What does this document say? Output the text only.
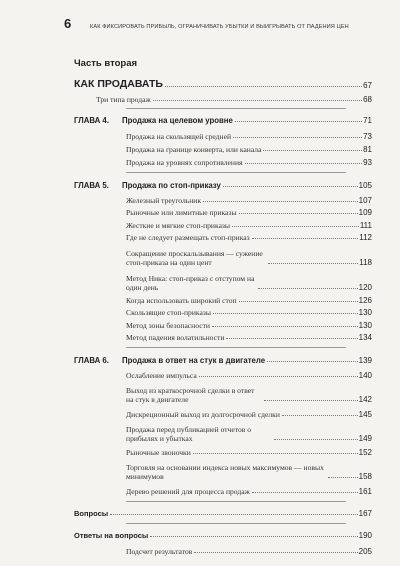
6	КАК ФИКСИРОВАТЬ ПРИБЫЛЬ, ОГРАНИЧИВАТЬ УБЫТКИ И ВЫИГРЫВАТЬ ОТ ПАДЕНИЯ ЦЕН
Часть вторая
КАК ПРОДАВАТЬ	67
Три типа продаж	68
ГЛАВА 4.	Продажа на целевом уровне	71
Продажа на скользящей средней	73
Продажа на границе конверта, или канала	81
Продажа на уровнях сопротивления	93
ГЛАВА 5.	Продажа по стоп-приказу	105
Железный треугольник	107
Рыночные или лимитные приказы	109
Жесткие и мягкие стоп-приказы	111
Где не следует размещать стоп-приказ	112
Сокращение проскальзывания — сужение стоп-приказа на один цент	118
Метод Ника: стоп-приказ с отступом на один день	120
Когда использовать широкий стоп	126
Скользящие стоп-приказы	130
Метод зоны безопасности	130
Метод падения волатильности	134
ГЛАВА 6.	Продажа в ответ на стук в двигателе	139
Ослабление импульса	140
Выход из краткосрочной сделки в ответ на стук в двигателе	142
Дискреционный выход из долгосрочной сделки	145
Продажа перед публикацией отчетов о прибылях и убытках	149
Рыночные звоночки	152
Торговля на основании индекса новых максимумов — новых минимумов	158
Дерево решений для процесса продаж	161
Вопросы	167
Ответы на вопросы	190
Подсчет результатов	205
